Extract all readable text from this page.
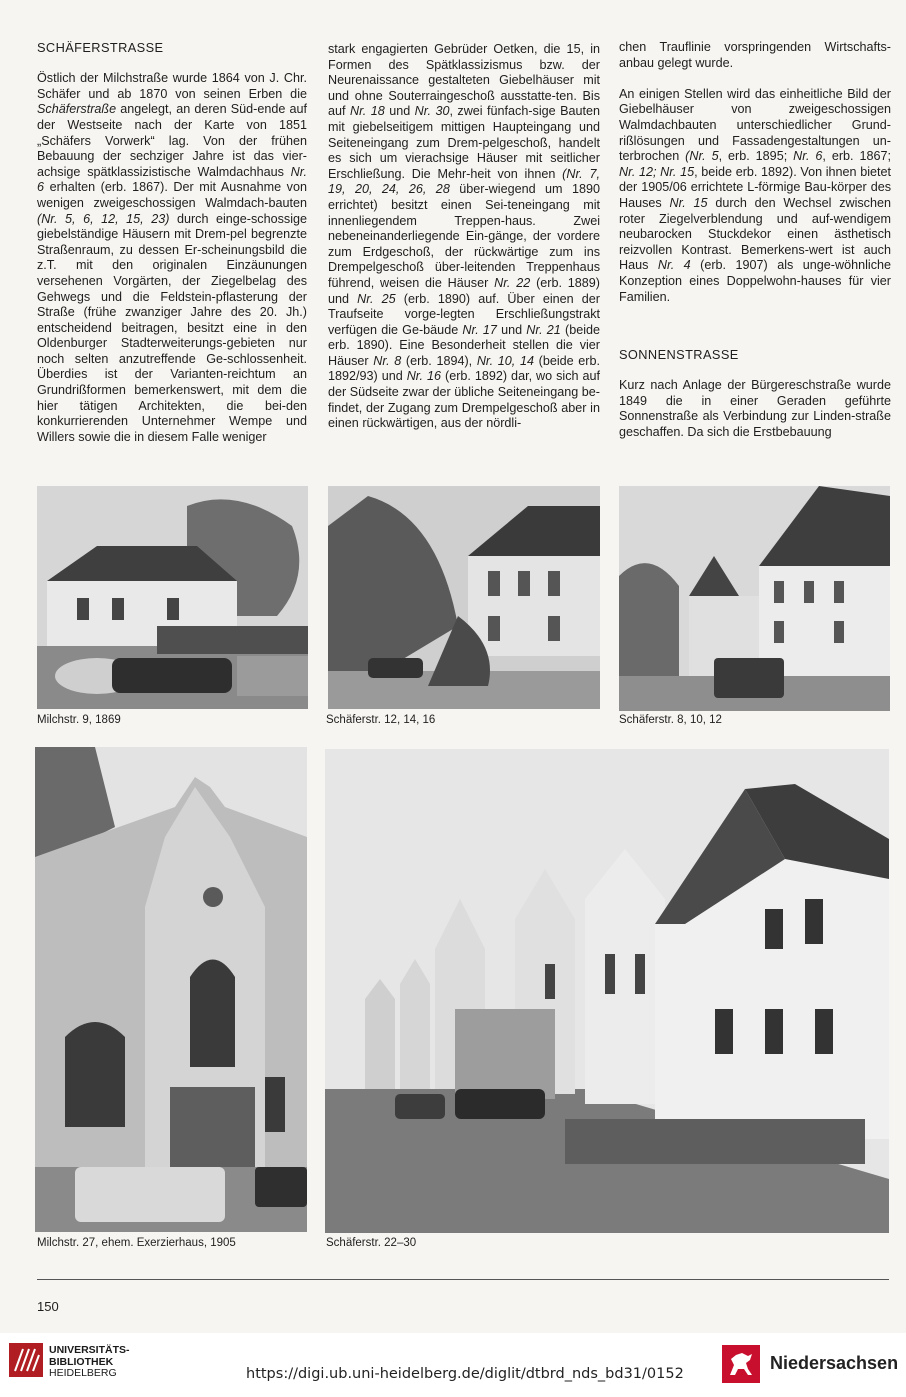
SCHÄFERSTRASSE

Östlich der Milchstraße wurde 1864 von J. Chr. Schäfer und ab 1870 von seinen Erben die Schäferstraße angelegt, an deren Süd-ende auf der Westseite nach der Karte von 1851 „Schäfers Vorwerk“ lag. Von der frühen Bebauung der sechziger Jahre ist das vier-achsige spätklassizistische Walmdachhaus Nr. 6 erhalten (erb. 1867). Der mit Ausnahme von wenigen zweigeschossigen Walmdach-bauten (Nr. 5, 6, 12, 15, 23) durch einge-schossige giebelständige Häusern mit Drem-pel begrenzte Straßenraum, zu dessen Er-scheinungsbild die z.T. mit den originalen Einzäunungen versehenen Vorgärten, der Ziegelbelag des Gehwegs und die Feldstein-pflasterung der Straße (frühe zwanziger Jahre des 20. Jh.) entscheidend beitragen, besitzt eine in den Oldenburger Stadterweiterungs-gebieten nur noch selten anzutreffende Ge-schlossenheit. Überdies ist der Varianten-reichtum an Grundrißformen bemerkenswert, mit dem die hier tätigen Architekten, die bei-den konkurrierenden Unternehmer Wempe und Willers sowie die in diesem Falle weniger

stark engagierten Gebrüder Oetken, die 15, in Formen des Spätklassizismus bzw. der Neurenaissance gestalteten Giebelhäuser mit und ohne Souterraingeschoß ausstatte-ten. Bis auf Nr. 18 und Nr. 30, zwei fünfach-sige Bauten mit giebelseitigem mittigen Haupteingang und Seiteneingang zum Drem-pelgeschoß, handelt es sich um vierachsige Häuser mit seitlicher Erschließung. Die Mehr-heit von ihnen (Nr. 7, 19, 20, 24, 26, 28 über-wiegend um 1890 errichtet) besitzt einen Sei-teneingang mit innenliegendem Treppen-haus. Zwei nebeneinanderliegende Ein-gänge, der vordere zum Erdgeschoß, der rückwärtige zum ins Drempelgeschoß über-leitenden Treppenhaus führend, weisen die Häuser Nr. 22 (erb. 1889) und Nr. 25 (erb. 1890) auf. Über einen der Traufseite vorge-legten Erschließungstrakt verfügen die Ge-bäude Nr. 17 und Nr. 21 (beide erb. 1890). Eine Besonderheit stellen die vier Häuser Nr. 8 (erb. 1894), Nr. 10, 14 (beide erb. 1892/93) und Nr. 16 (erb. 1892) dar, wo sich auf der Südseite zwar der übliche Seiteneingang be-findet, der Zugang zum Drempelgeschoß aber in einen rückwärtigen, aus der nördli-

chen Trauflinie vorspringenden Wirtschafts-anbau gelegt wurde.

An einigen Stellen wird das einheitliche Bild der Giebelhäuser von zweigeschossigen Walmdachbauten unterschiedlicher Grund-rißlösungen und Fassadengestaltungen un-terbrochen (Nr. 5, erb. 1895; Nr. 6, erb. 1867; Nr. 12; Nr. 15, beide erb. 1892). Von ihnen bietet der 1905/06 errichtete L-förmige Bau-körper des Hauses Nr. 15 durch den Wechsel zwischen roter Ziegelverblendung und auf-wendigem neubarocken Stuckdekor einen ästhetisch reizvollen Kontrast. Bemerkens-wert ist auch Haus Nr. 4 (erb. 1907) als unge-wöhnliche Konzeption eines Doppelwohn-hauses für vier Familien.

SONNENSTRASSE

Kurz nach Anlage der Bürgereschstraße wurde 1849 die in einer Geraden geführte Sonnenstraße als Verbindung zur Linden-straße geschaffen. Da sich die Erstbebauung

Milchstr. 9, 1869	Schäferstr. 12, 14, 16	Schäferstr. 8, 10, 12
Milchstr. 27, ehem. Exerzierhaus, 1905	Schäferstr. 22–30
150
UNIVERSITÄTS-
BIBLIOTHEK
HEIDELBERG	https://digi.ub.uni-heidelberg.de/diglit/dtbrd_nds_bd31/0152
Niedersachsen
